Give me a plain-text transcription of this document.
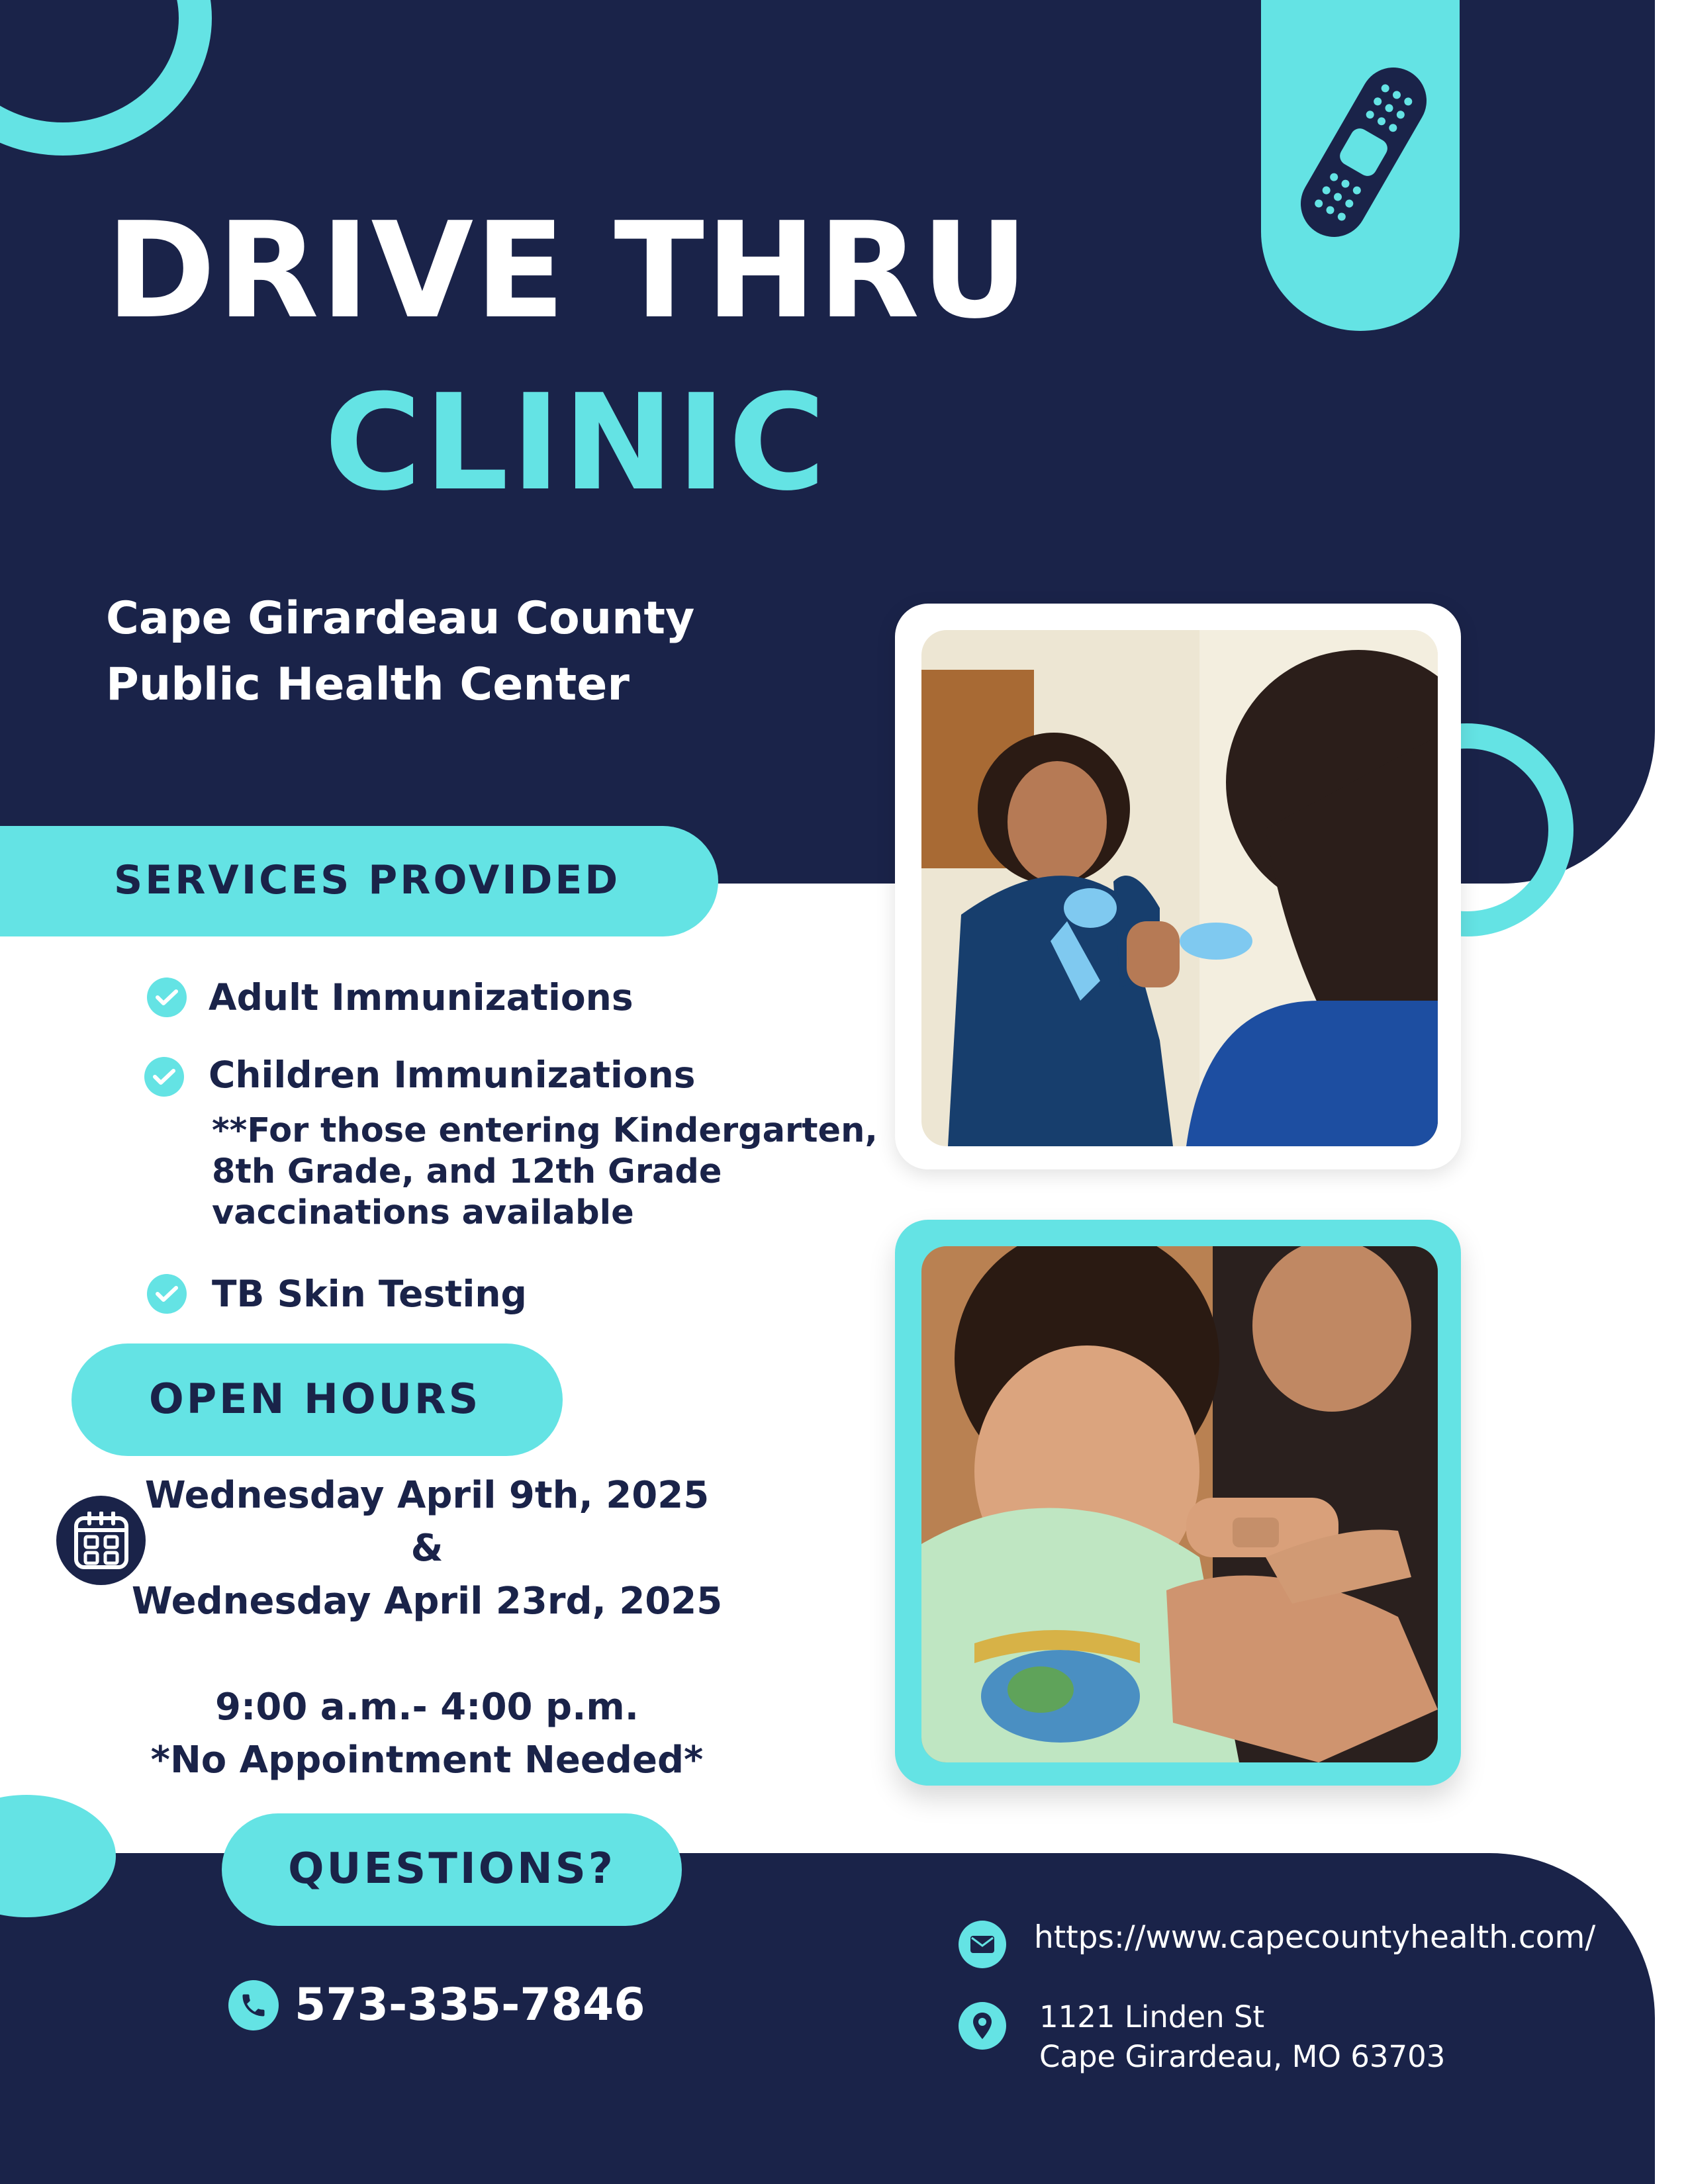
DRIVE THRU
CLINIC
Cape Girardeau County
Public Health Center
SERVICES PROVIDED
Adult Immunizations
Children Immunizations
**For those entering Kindergarten,
8th Grade, and 12th Grade
vaccinations available
TB Skin Testing
OPEN HOURS
Wednesday April 9th, 2025
&
Wednesday April 23rd, 2025
9:00 a.m.- 4:00 p.m.
*No Appointment Needed*
QUESTIONS?
573-335-7846
https://www.capecountyhealth.com/
1121 Linden St
Cape Girardeau, MO 63703
